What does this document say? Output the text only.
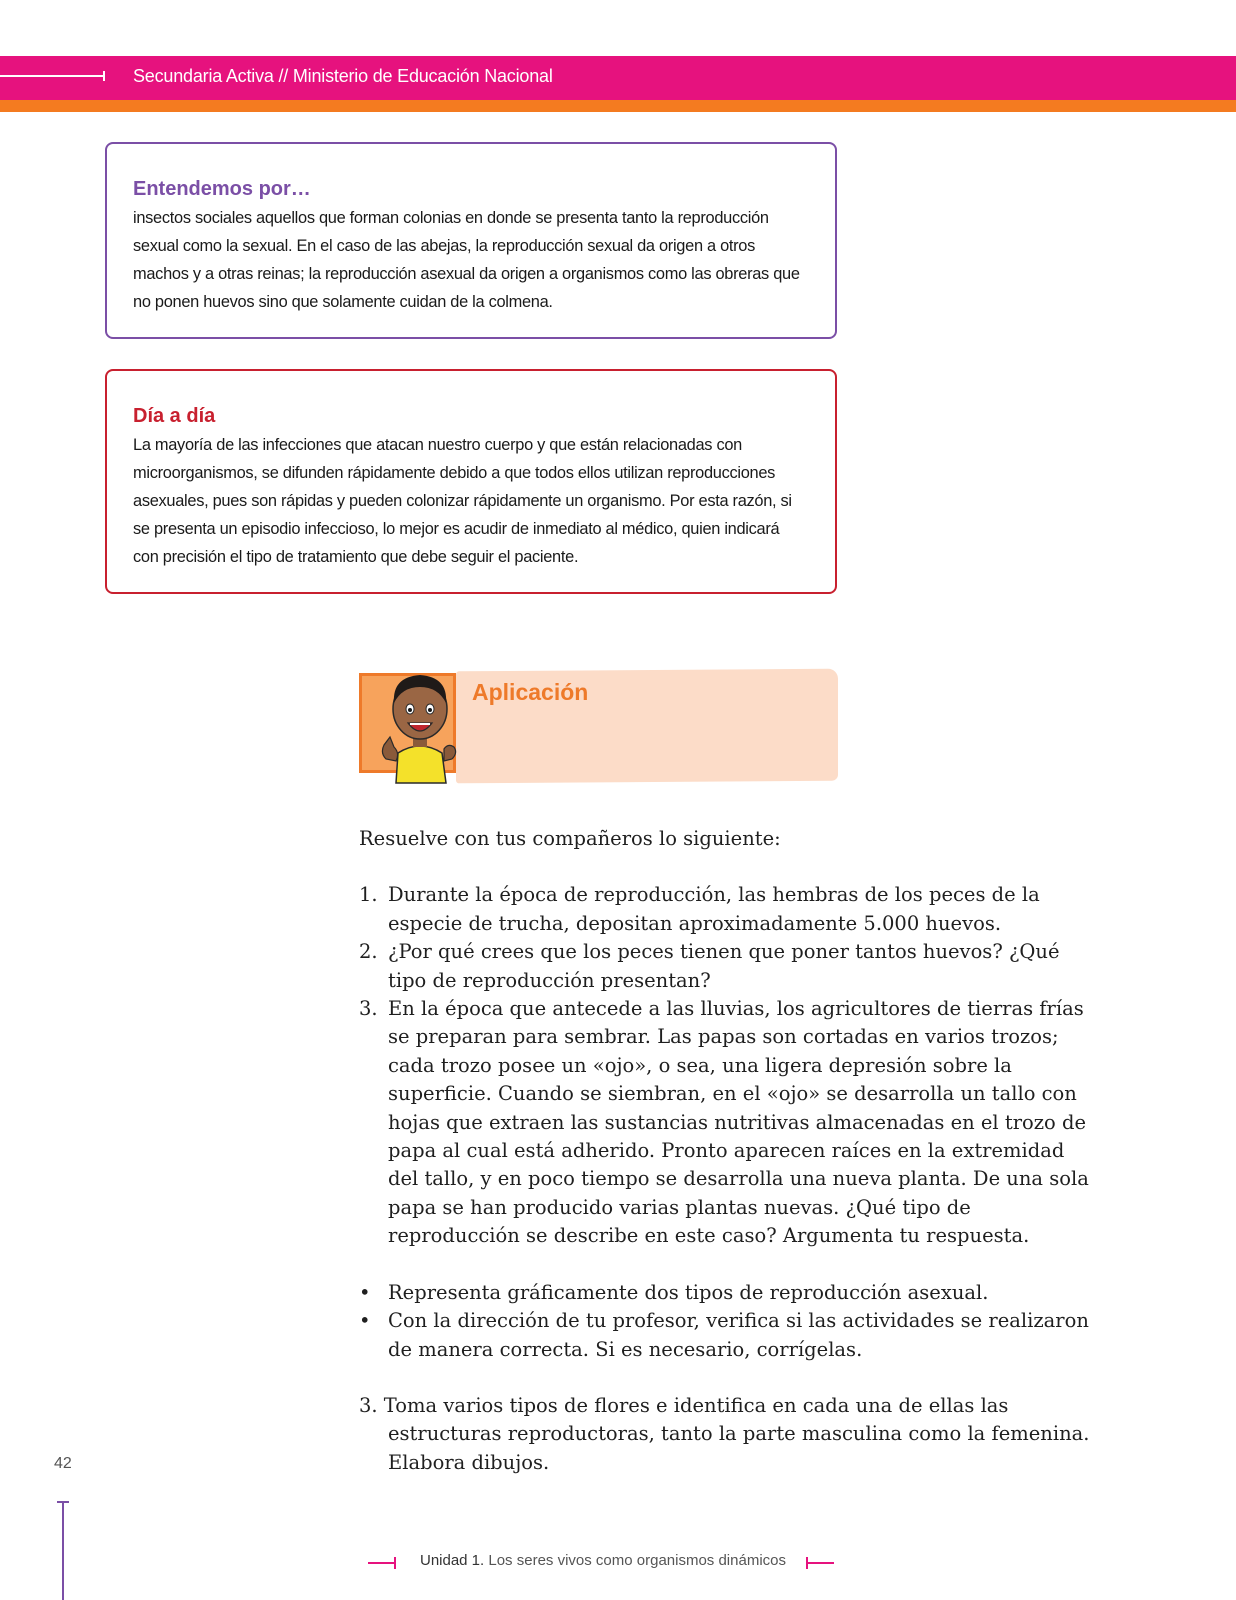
Secundaria Activa // Ministerio de Educación Nacional
Entendemos por…

insectos sociales aquellos que forman colonias en donde se presenta tanto la reproducción sexual como la sexual. En el caso de las abejas, la reproducción sexual da origen a otros machos y a otras reinas; la reproducción asexual da origen a organismos como las obreras que no ponen huevos sino que solamente cuidan de la colmena.

Día a día

La mayoría de las infecciones que atacan nuestro cuerpo y que están relacionadas con microorganismos, se difunden rápidamente debido a que todos ellos utilizan reproducciones asexuales, pues son rápidas y pueden colonizar rápidamente un organismo. Por esta razón, si se presenta un episodio infeccioso, lo mejor es acudir de inmediato al médico, quien indicará con precisión el tipo de tratamiento que debe seguir el paciente.

Aplicación

Resuelve con tus compañeros lo siguiente:

1. Durante la época de reproducción, las hembras de los peces de la especie de trucha, depositan aproximadamente 5.000 huevos.
2. ¿Por qué crees que los peces tienen que poner tantos huevos? ¿Qué tipo de reproducción presentan?
3. En la época que antecede a las lluvias, los agricultores de tierras frías se preparan para sembrar. Las papas son cortadas en varios trozos; cada trozo posee un «ojo», o sea, una ligera depresión sobre la superficie. Cuando se siembran, en el «ojo» se desarrolla un tallo con hojas que extraen las sustancias nutritivas almacenadas en el trozo de papa al cual está adherido. Pronto aparecen raíces en la extremidad del tallo, y en poco tiempo se desarrolla una nueva planta. De una sola papa se han producido varias plantas nuevas. ¿Qué tipo de reproducción se describe en este caso? Argumenta tu respuesta.
• Representa gráficamente dos tipos de reproducción asexual.
• Con la dirección de tu profesor, verifica si las actividades se realizaron de manera correcta. Si es necesario, corrígelas.

3. Toma varios tipos de flores e identifica en cada una de ellas las estructuras reproductoras, tanto la parte masculina como la femenina. Elabora dibujos.

42
Unidad 1. Los seres vivos como organismos dinámicos
